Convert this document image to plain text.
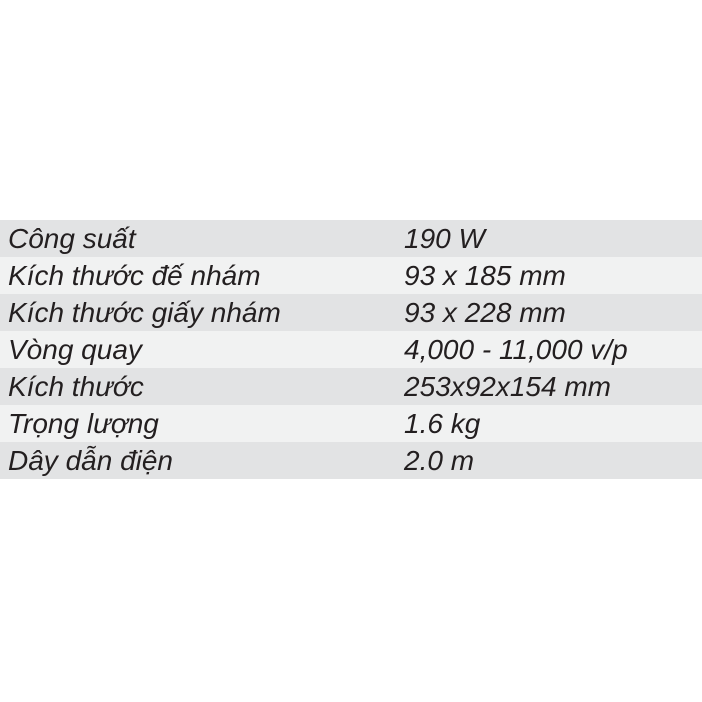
Công suất	190 W
Kích thước đế nhám	93 x 185 mm
Kích thước giấy nhám	93 x 228 mm
Vòng quay	4,000 - 11,000 v/p
Kích thước	253x92x154 mm
Trọng lượng	1.6 kg
Dây dẫn điện	2.0 m
